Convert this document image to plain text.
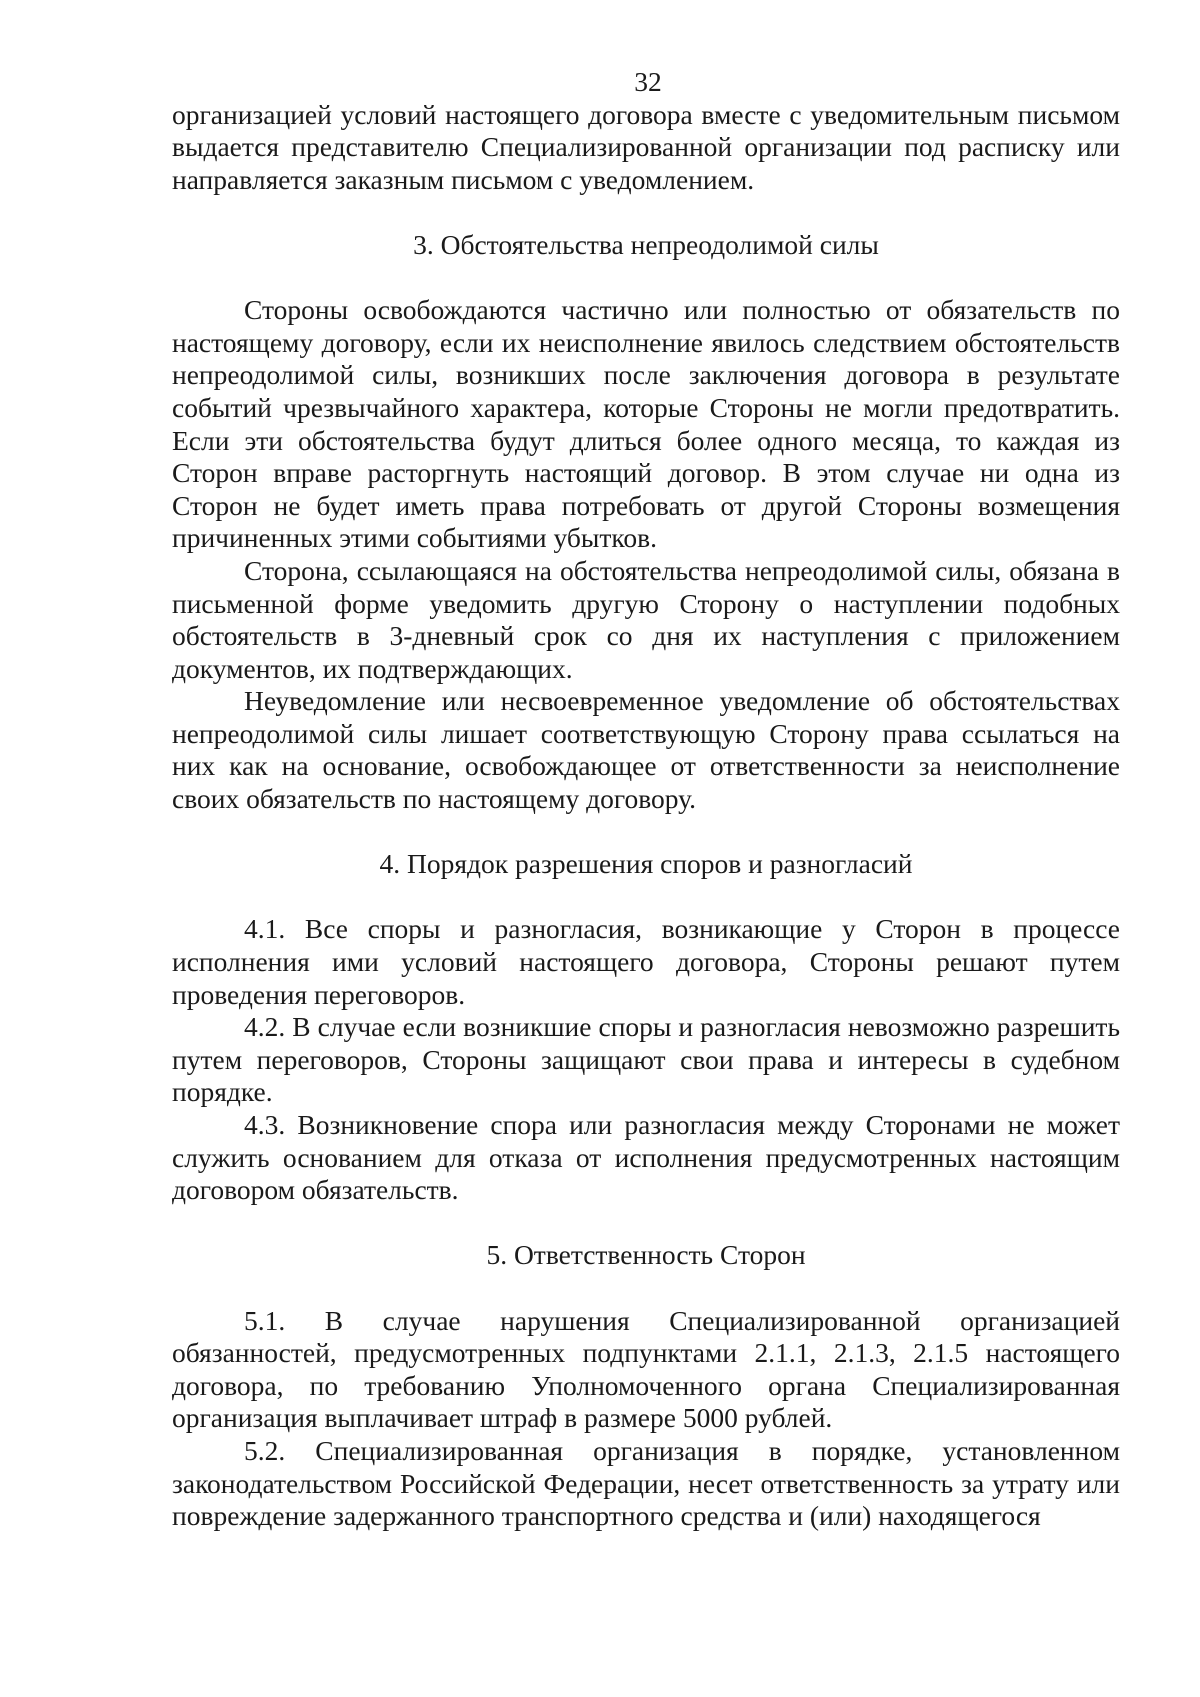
32

организацией условий настоящего договора вместе с уведомительным письмом выдается представителю Специализированной организации под расписку или направляется заказным письмом с уведомлением.

3. Обстоятельства непреодолимой силы

Стороны освобождаются частично или полностью от обязательств по настоящему договору, если их неисполнение явилось следствием обстоятельств непреодолимой силы, возникших после заключения договора в результате событий чрезвычайного характера, которые Стороны не могли предотвратить. Если эти обстоятельства будут длиться более одного месяца, то каждая из Сторон вправе расторгнуть настоящий договор. В этом случае ни одна из Сторон не будет иметь права потребовать от другой Стороны возмещения причиненных этими событиями убытков.

Сторона, ссылающаяся на обстоятельства непреодолимой силы, обязана в письменной форме уведомить другую Сторону о наступлении подобных обстоятельств в 3-дневный срок со дня их наступления с приложением документов, их подтверждающих.

Неуведомление или несвоевременное уведомление об обстоятельствах непреодолимой силы лишает соответствующую Сторону права ссылаться на них как на основание, освобождающее от ответственности за неисполнение своих обязательств по настоящему договору.

4. Порядок разрешения споров и разногласий

4.1. Все споры и разногласия, возникающие у Сторон в процессе исполнения ими условий настоящего договора, Стороны решают путем проведения переговоров.

4.2. В случае если возникшие споры и разногласия невозможно разрешить путем переговоров, Стороны защищают свои права и интересы в судебном порядке.

4.3. Возникновение спора или разногласия между Сторонами не может служить основанием для отказа от исполнения предусмотренных настоящим договором обязательств.

5. Ответственность Сторон

5.1. В случае нарушения Специализированной организацией обязанностей, предусмотренных подпунктами 2.1.1, 2.1.3, 2.1.5 настоящего договора, по требованию Уполномоченного органа Специализированная организация выплачивает штраф в размере 5000 рублей.

5.2. Специализированная организация в порядке, установленном законодательством Российской Федерации, несет ответственность за утрату или повреждение задержанного транспортного средства и (или) находящегося
